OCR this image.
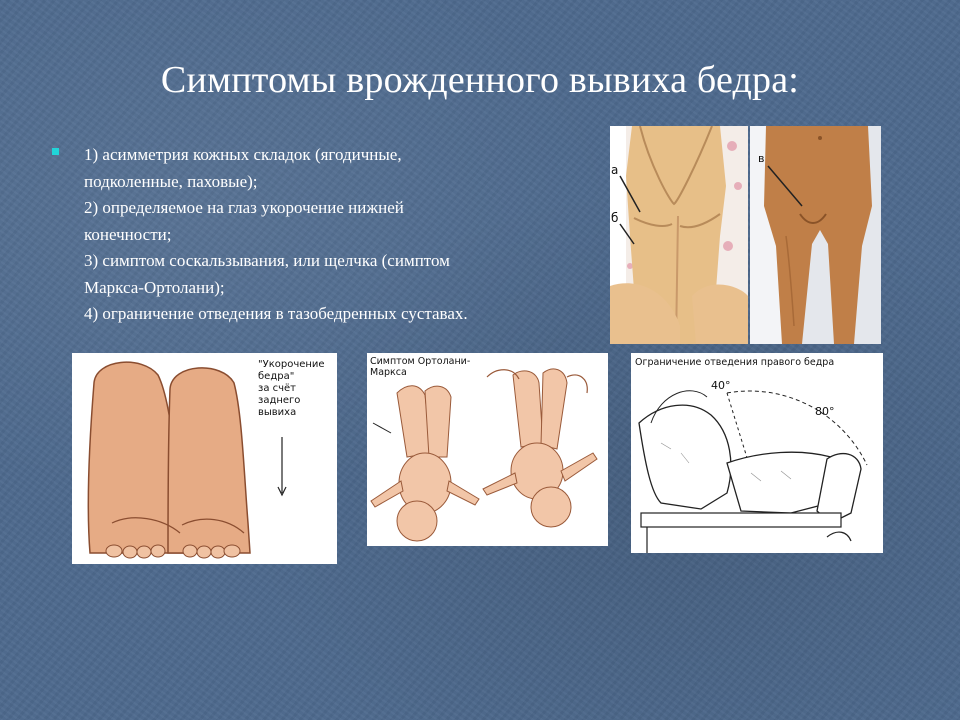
Симптомы врожденного вывиха бедра:
1) асимметрия кожных складок (ягодичные,
подколенные, паховые);
2) определяемое на глаз укорочение нижней
конечности;
3) симптом соскальзывания, или щелчка (симптом
Маркса-Ортолани);
4) ограничение отведения в тазобедренных суставах.
а
б
в
"Укорочение
бедра"
за счёт
заднего
вывиха
Симптом Ортолани-
Маркса
Ограничение отведения правого бедра
40°
80°
